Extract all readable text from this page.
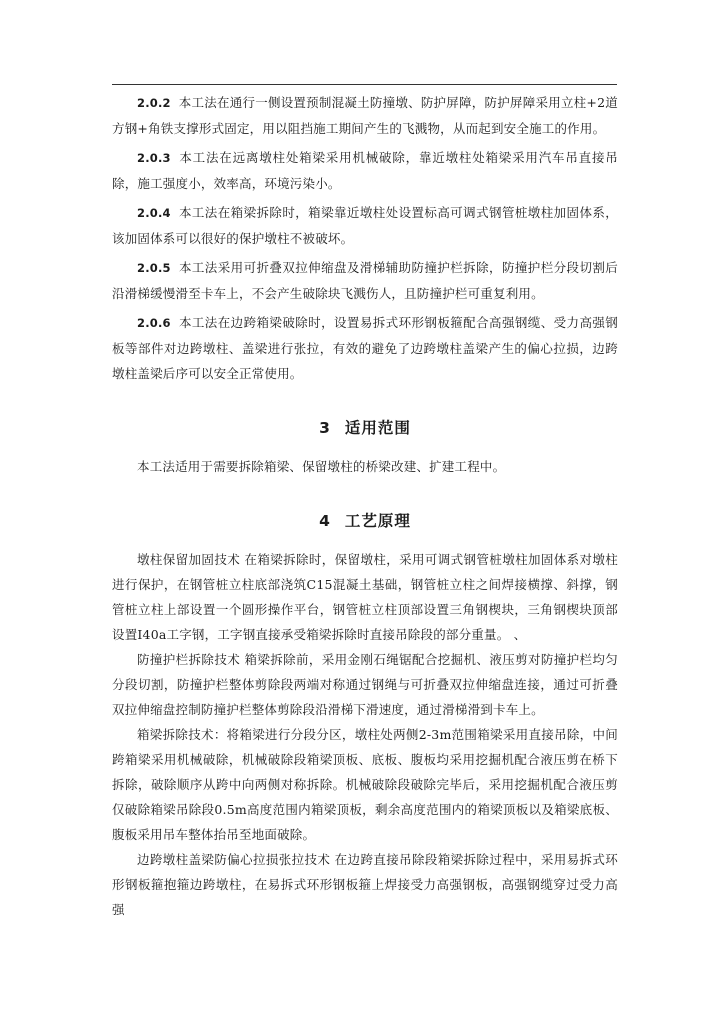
2.0.2 本工法在通行一侧设置预制混凝土防撞墩、防护屏障，防护屏障采用立柱+2道方钢+角铁支撑形式固定，用以阻挡施工期间产生的飞溅物，从而起到安全施工的作用。

2.0.3 本工法在远离墩柱处箱梁采用机械破除，靠近墩柱处箱梁采用汽车吊直接吊除，施工强度小，效率高，环境污染小。

2.0.4 本工法在箱梁拆除时，箱梁靠近墩柱处设置标高可调式钢管桩墩柱加固体系，该加固体系可以很好的保护墩柱不被破坏。

2.0.5 本工法采用可折叠双拉伸缩盘及滑梯辅助防撞护栏拆除，防撞护栏分段切割后沿滑梯缓慢滑至卡车上，不会产生破除块飞溅伤人，且防撞护栏可重复利用。

2.0.6 本工法在边跨箱梁破除时，设置易拆式环形钢板箍配合高强钢缆、受力高强钢板等部件对边跨墩柱、盖梁进行张拉，有效的避免了边跨墩柱盖梁产生的偏心拉损，边跨墩柱盖梁后序可以安全正常使用。

3 适用范围

本工法适用于需要拆除箱梁、保留墩柱的桥梁改建、扩建工程中。

4 工艺原理

墩柱保留加固技术 在箱梁拆除时，保留墩柱，采用可调式钢管桩墩柱加固体系对墩柱进行保护，在钢管桩立柱底部浇筑C15混凝土基础，钢管桩立柱之间焊接横撑、斜撑，钢管桩立柱上部设置一个圆形操作平台，钢管桩立柱顶部设置三角钢楔块，三角钢楔块顶部设置I40a工字钢，工字钢直接承受箱梁拆除时直接吊除段的部分重量。 、

防撞护栏拆除技术 箱梁拆除前，采用金刚石绳锯配合挖掘机、液压剪对防撞护栏均匀分段切割，防撞护栏整体剪除段两端对称通过钢绳与可折叠双拉伸缩盘连接，通过可折叠双拉伸缩盘控制防撞护栏整体剪除段沿滑梯下滑速度，通过滑梯滑到卡车上。

箱梁拆除技术：将箱梁进行分段分区，墩柱处两侧2-3m范围箱梁采用直接吊除，中间跨箱梁采用机械破除，机械破除段箱梁顶板、底板、腹板均采用挖掘机配合液压剪在桥下拆除，破除顺序从跨中向两侧对称拆除。机械破除段破除完毕后，采用挖掘机配合液压剪仅破除箱梁吊除段0.5m高度范围内箱梁顶板，剩余高度范围内的箱梁顶板以及箱梁底板、腹板采用吊车整体抬吊至地面破除。

边跨墩柱盖梁防偏心拉损张拉技术 在边跨直接吊除段箱梁拆除过程中，采用易拆式环形钢板箍抱箍边跨墩柱，在易拆式环形钢板箍上焊接受力高强钢板，高强钢缆穿过受力高强
